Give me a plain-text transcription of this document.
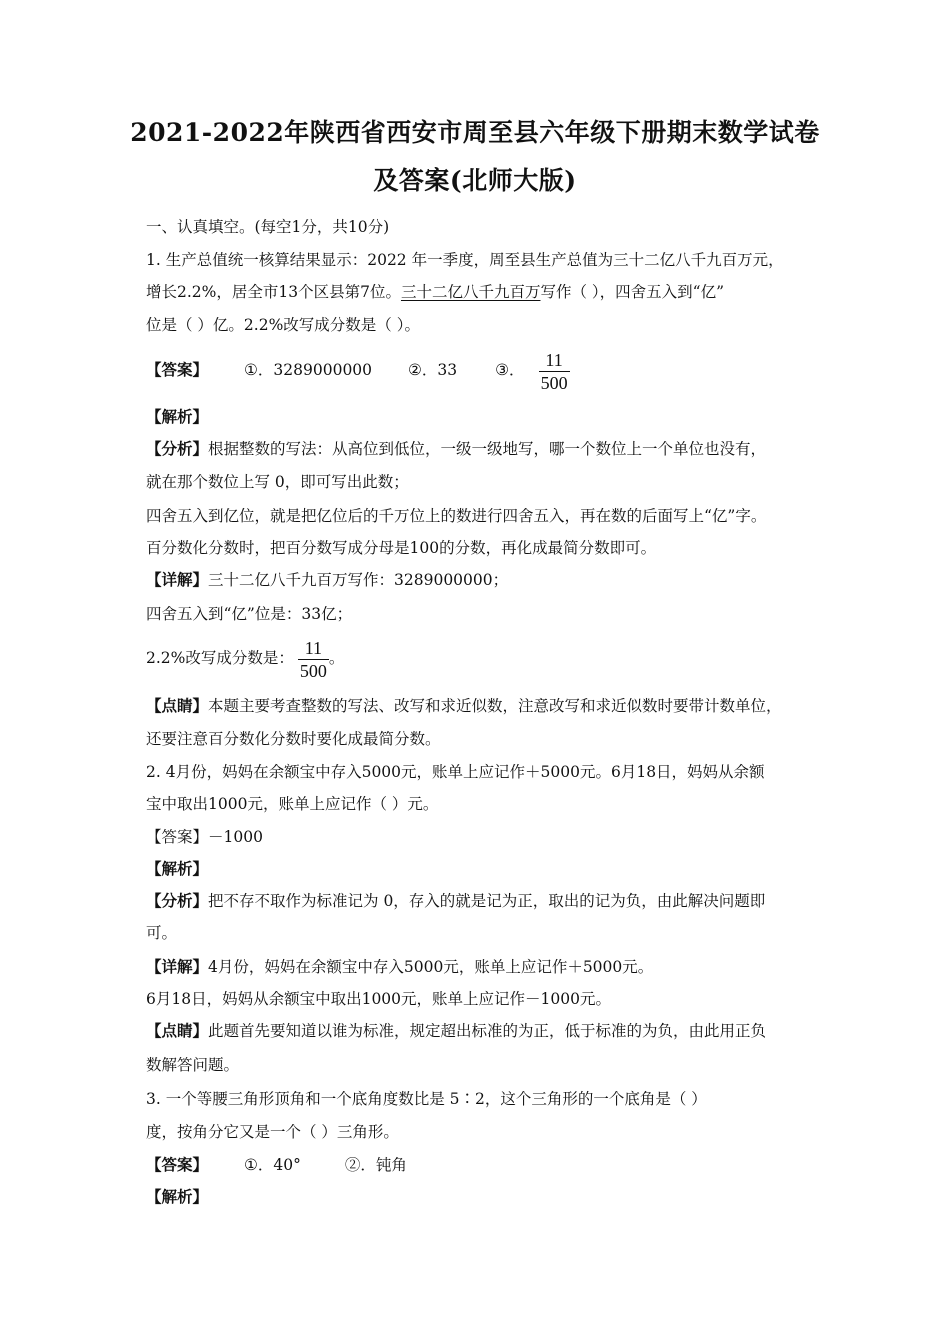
2021-2022年陕西省西安市周至县六年级下册期末数学试卷
及答案(北师大版)
一、认真填空。(每空1分，共10分)
1. 生产总值统一核算结果显示：2022 年一季度，周至县生产总值为三十二亿八千九百万元，
增长2.2%，居全市13个区县第7位。三十二亿八千九百万写作（ ），四舍五入到“亿”
位是（ ）亿。2.2%改写成分数是（ ）。
【答案】 ①．3289000000 ②．33 ③． $\frac{11}{500}$
【解析】
【分析】根据整数的写法：从高位到低位，一级一级地写，哪一个数位上一个单位也没有，
就在那个数位上写 0，即可写出此数；
四舍五入到亿位，就是把亿位后的千万位上的数进行四舍五入，再在数的后面写上“亿”字。
百分数化分数时，把百分数写成分母是100的分数，再化成最简分数即可。
【详解】三十二亿八千九百万写作：3289000000；
四舍五入到“亿”位是：33亿；
2.2%改写成分数是： $\frac{11}{500}$ 。
【点睛】本题主要考查整数的写法、改写和求近似数，注意改写和求近似数时要带计数单位，
还要注意百分数化分数时要化成最简分数。
2. 4月份，妈妈在余额宝中存入5000元，账单上应记作＋5000元。6月18日，妈妈从余额
宝中取出1000元，账单上应记作（ ）元。
【答案】－1000
【解析】
【分析】把不存不取作为标准记为 0，存入的就是记为正，取出的记为负，由此解决问题即
可。
【详解】4月份，妈妈在余额宝中存入5000元，账单上应记作＋5000元。
6月18日，妈妈从余额宝中取出1000元，账单上应记作－1000元。
【点睛】此题首先要知道以谁为标准，规定超出标准的为正，低于标准的为负，由此用正负
数解答问题。
3. 一个等腰三角形顶角和一个底角度数比是 5∶2，这个三角形的一个底角是（ ）
度，按角分它又是一个（ ）三角形。
【答案】 ①．40°	②．钝角
【解析】
